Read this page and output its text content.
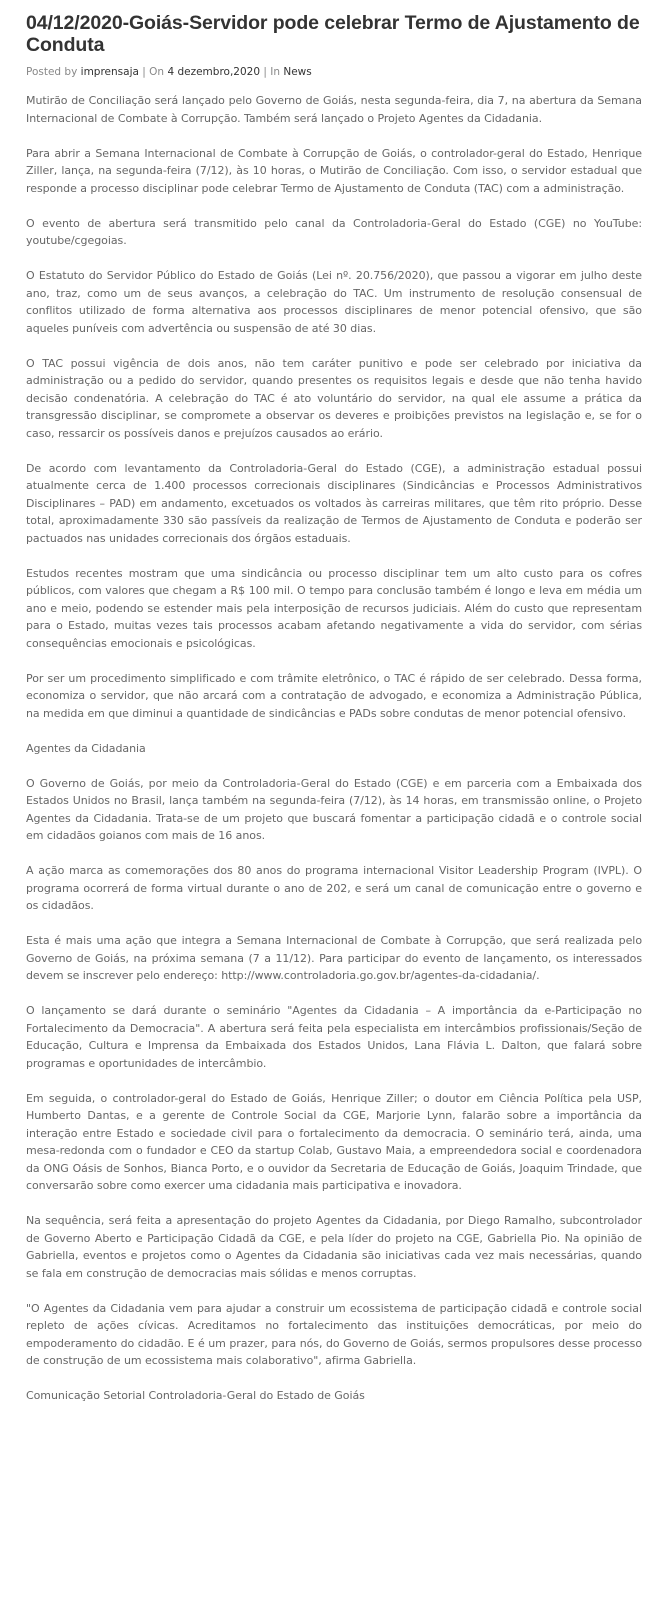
04/12/2020-Goiás-Servidor pode celebrar Termo de Ajustamento de Conduta
Posted by imprensaja | On 4 dezembro,2020 | In News

Mutirão de Conciliação será lançado pelo Governo de Goiás, nesta segunda-feira, dia 7, na abertura da Semana Internacional de Combate à Corrupção. Também será lançado o Projeto Agentes da Cidadania.

Para abrir a Semana Internacional de Combate à Corrupção de Goiás, o controlador-geral do Estado, Henrique Ziller, lança, na segunda-feira (7/12), às 10 horas, o Mutirão de Conciliação. Com isso, o servidor estadual que responde a processo disciplinar pode celebrar Termo de Ajustamento de Conduta (TAC) com a administração.

O evento de abertura será transmitido pelo canal da Controladoria-Geral do Estado (CGE) no YouTube: youtube/cgegoias.

O Estatuto do Servidor Público do Estado de Goiás (Lei nº. 20.756/2020), que passou a vigorar em julho deste ano, traz, como um de seus avanços, a celebração do TAC. Um instrumento de resolução consensual de conflitos utilizado de forma alternativa aos processos disciplinares de menor potencial ofensivo, que são aqueles puníveis com advertência ou suspensão de até 30 dias.

O TAC possui vigência de dois anos, não tem caráter punitivo e pode ser celebrado por iniciativa da administração ou a pedido do servidor, quando presentes os requisitos legais e desde que não tenha havido decisão condenatória. A celebração do TAC é ato voluntário do servidor, na qual ele assume a prática da transgressão disciplinar, se compromete a observar os deveres e proibições previstos na legislação e, se for o caso, ressarcir os possíveis danos e prejuízos causados ao erário.

De acordo com levantamento da Controladoria-Geral do Estado (CGE), a administração estadual possui atualmente cerca de 1.400 processos correcionais disciplinares (Sindicâncias e Processos Administrativos Disciplinares – PAD) em andamento, excetuados os voltados às carreiras militares, que têm rito próprio. Desse total, aproximadamente 330 são passíveis da realização de Termos de Ajustamento de Conduta e poderão ser pactuados nas unidades correcionais dos órgãos estaduais.

Estudos recentes mostram que uma sindicância ou processo disciplinar tem um alto custo para os cofres públicos, com valores que chegam a R$ 100 mil. O tempo para conclusão também é longo e leva em média um ano e meio, podendo se estender mais pela interposição de recursos judiciais. Além do custo que representam para o Estado, muitas vezes tais processos acabam afetando negativamente a vida do servidor, com sérias consequências emocionais e psicológicas.

Por ser um procedimento simplificado e com trâmite eletrônico, o TAC é rápido de ser celebrado. Dessa forma, economiza o servidor, que não arcará com a contratação de advogado, e economiza a Administração Pública, na medida em que diminui a quantidade de sindicâncias e PADs sobre condutas de menor potencial ofensivo.

Agentes da Cidadania

O Governo de Goiás, por meio da Controladoria-Geral do Estado (CGE) e em parceria com a Embaixada dos Estados Unidos no Brasil, lança também na segunda-feira (7/12), às 14 horas, em transmissão online, o Projeto Agentes da Cidadania. Trata-se de um projeto que buscará fomentar a participação cidadã e o controle social em cidadãos goianos com mais de 16 anos.

A ação marca as comemorações dos 80 anos do programa internacional Visitor Leadership Program (IVPL). O programa ocorrerá de forma virtual durante o ano de 202, e será um canal de comunicação entre o governo e os cidadãos.

Esta é mais uma ação que integra a Semana Internacional de Combate à Corrupção, que será realizada pelo Governo de Goiás, na próxima semana (7 a 11/12). Para participar do evento de lançamento, os interessados devem se inscrever pelo endereço: http://www.controladoria.go.gov.br/agentes-da-cidadania/.

O lançamento se dará durante o seminário "Agentes da Cidadania – A importância da e-Participação no Fortalecimento da Democracia". A abertura será feita pela especialista em intercâmbios profissionais/Seção de Educação, Cultura e Imprensa da Embaixada dos Estados Unidos, Lana Flávia L. Dalton, que falará sobre programas e oportunidades de intercâmbio.

Em seguida, o controlador-geral do Estado de Goiás, Henrique Ziller; o doutor em Ciência Política pela USP, Humberto Dantas, e a gerente de Controle Social da CGE, Marjorie Lynn, falarão sobre a importância da interação entre Estado e sociedade civil para o fortalecimento da democracia. O seminário terá, ainda, uma mesa-redonda com o fundador e CEO da startup Colab, Gustavo Maia, a empreendedora social e coordenadora da ONG Oásis de Sonhos, Bianca Porto, e o ouvidor da Secretaria de Educação de Goiás, Joaquim Trindade, que conversarão sobre como exercer uma cidadania mais participativa e inovadora.

Na sequência, será feita a apresentação do projeto Agentes da Cidadania, por Diego Ramalho, subcontrolador de Governo Aberto e Participação Cidadã da CGE, e pela líder do projeto na CGE, Gabriella Pio. Na opinião de Gabriella, eventos e projetos como o Agentes da Cidadania são iniciativas cada vez mais necessárias, quando se fala em construção de democracias mais sólidas e menos corruptas.

"O Agentes da Cidadania vem para ajudar a construir um ecossistema de participação cidadã e controle social repleto de ações cívicas. Acreditamos no fortalecimento das instituições democráticas, por meio do empoderamento do cidadão. E é um prazer, para nós, do Governo de Goiás, sermos propulsores desse processo de construção de um ecossistema mais colaborativo", afirma Gabriella.

Comunicação Setorial Controladoria-Geral do Estado de Goiás
